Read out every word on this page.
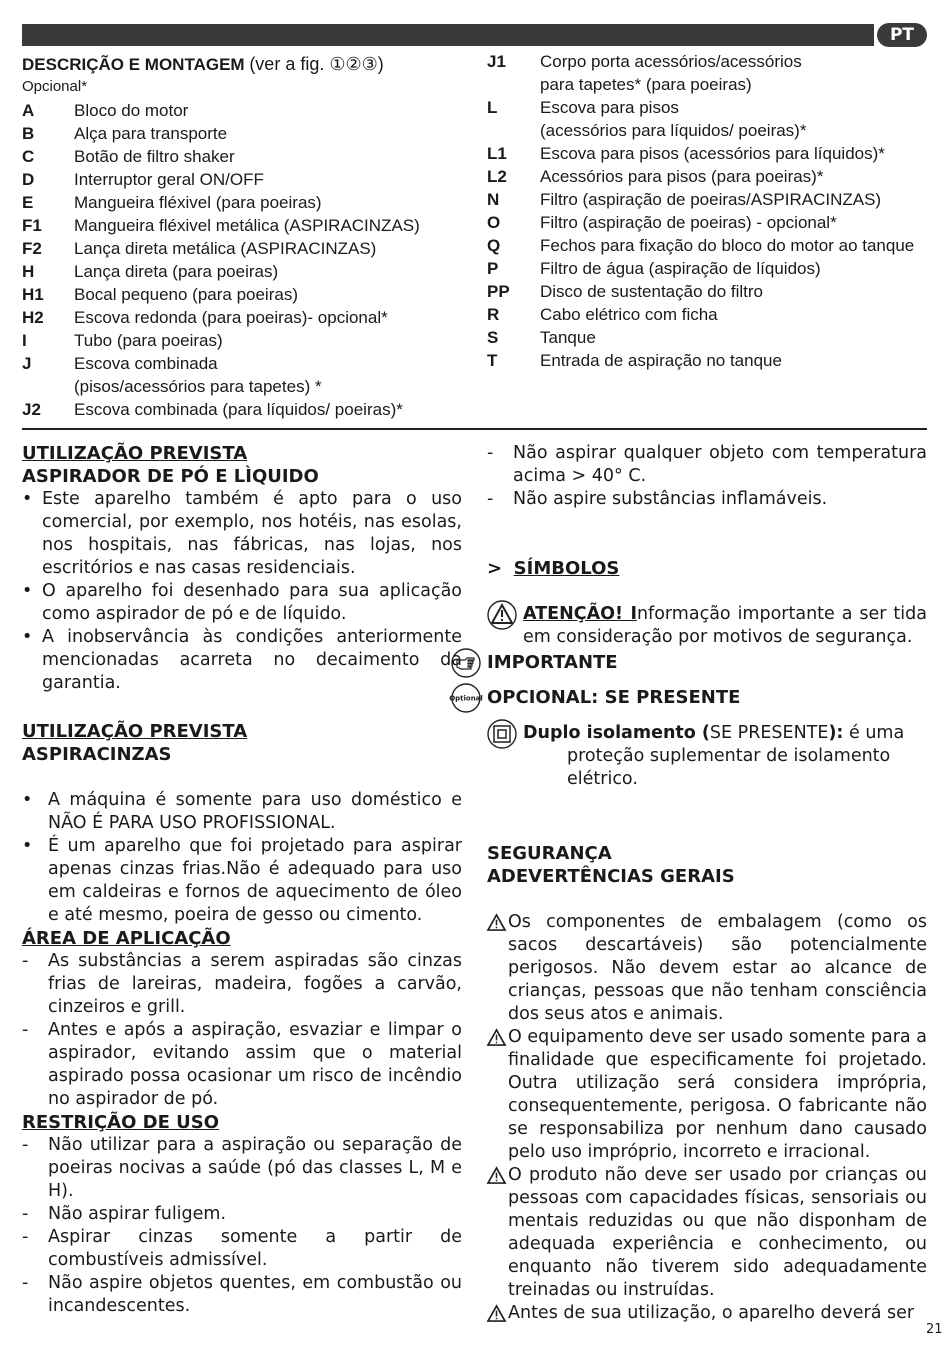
PT
DESCRIÇÃO E MONTAGEM (ver a fig. ①②③)
Opcional*
A Bloco do motor
B Alça para transporte
C Botão de filtro shaker
D Interruptor geral ON/OFF
E Mangueira fléxivel (para poeiras)
F1 Mangueira fléxivel metálica (ASPIRACINZAS)
F2 Lança direta metálica (ASPIRACINZAS)
H Lança direta (para poeiras)
H1 Bocal pequeno (para poeiras)
H2 Escova redonda (para poeiras)- opcional*
I	Tubo (para poeiras)
J	Escova combinada
(pisos/acessórios para tapetes) *
J2 Escova combinada (para líquidos/ poeiras)*
J1 Corpo porta acessórios/acessórios
para tapetes* (para poeiras)
L	Escova para pisos
(acessórios para líquidos/ poeiras)*
L1 Escova para pisos (acessórios para líquidos)*
L2 Acessórios para pisos (para poeiras)*
N Filtro (aspiração de poeiras/ASPIRACINZAS)
O Filtro (aspiração de poeiras) - opcional*
Q Fechos para fixação do bloco do motor ao tanque
P Filtro de água (aspiração de líquidos)
PP Disco de sustentação do filtro
R Cabo elétrico com ficha
S Tanque
T	Entrada de aspiração no tanque
UTILIZAÇÃO PREVISTA
ASPIRADOR DE PÓ E LÌQUIDO
• Este aparelho também é apto para o uso comercial, por exemplo, nos hotéis, nas esolas, nos hospitais, nas fábricas, nas lojas, nos escritórios e nas casas residenciais.
• O aparelho foi desenhado para sua aplicação como aspirador de pó e de líquido.
• A inobservância às condições anteriormente mencionadas acarreta no decaimento da garantia.
UTILIZAÇÃO PREVISTA
ASPIRACINZAS
• A máquina é somente para uso doméstico e NÃO É PARA USO PROFISSIONAL.
• É um aparelho que foi projetado para aspirar apenas cinzas frias.Não é adequado para uso em caldeiras e fornos de aquecimento de óleo e até mesmo, poeira de gesso ou cimento.
ÁREA DE APLICAÇÃO
- As substâncias a serem aspiradas são cinzas frias de lareiras, madeira, fogões a carvão, cinzeiros e grill.
- Antes e após a aspiração, esvaziar e limpar o aspirador, evitando assim que o material aspirado possa ocasionar um risco de incêndio no aspirador de pó.
RESTRIÇÃO DE USO
- Não utilizar para a aspiração ou separação de poeiras nocivas a saúde (pó das classes L, M e H).
- Não aspirar fuligem.
- Aspirar cinzas somente a partir de combustíveis admissível.
- Não aspire objetos quentes, em combustão ou incandescentes.
- Não aspirar qualquer objeto com temperatura acima > 40° C.
- Não aspire substâncias inflamáveis.
> SÍMBOLOS
ATENÇÃO! Informação importante a ser tida em consideração por motivos de segurança.
IMPORTANTE
Optional OPCIONAL: SE PRESENTE
Duplo isolamento (SE PRESENTE): é uma proteção suplementar de isolamento elétrico.
SEGURANÇA
ADEVERTÊNCIAS GERAIS
Os componentes de embalagem (como os sacos descartáveis) são potencialmente perigosos. Não devem estar ao alcance de crianças, pessoas que não tenham consciência dos seus atos e animais.
O equipamento deve ser usado somente para a finalidade que especificamente foi projetado. Outra utilização será considera imprópria, consequentemente, perigosa. O fabricante não se responsabiliza por nenhum dano causado pelo uso impróprio, incorreto e irracional.
O produto não deve ser usado por crianças ou pessoas com capacidades físicas, sensoriais ou mentais reduzidas ou que não disponham de adequada experiência e conhecimento, ou enquanto não tiverem sido adequadamente treinadas ou instruídas.
Antes de sua utilização, o aparelho deverá ser
21
